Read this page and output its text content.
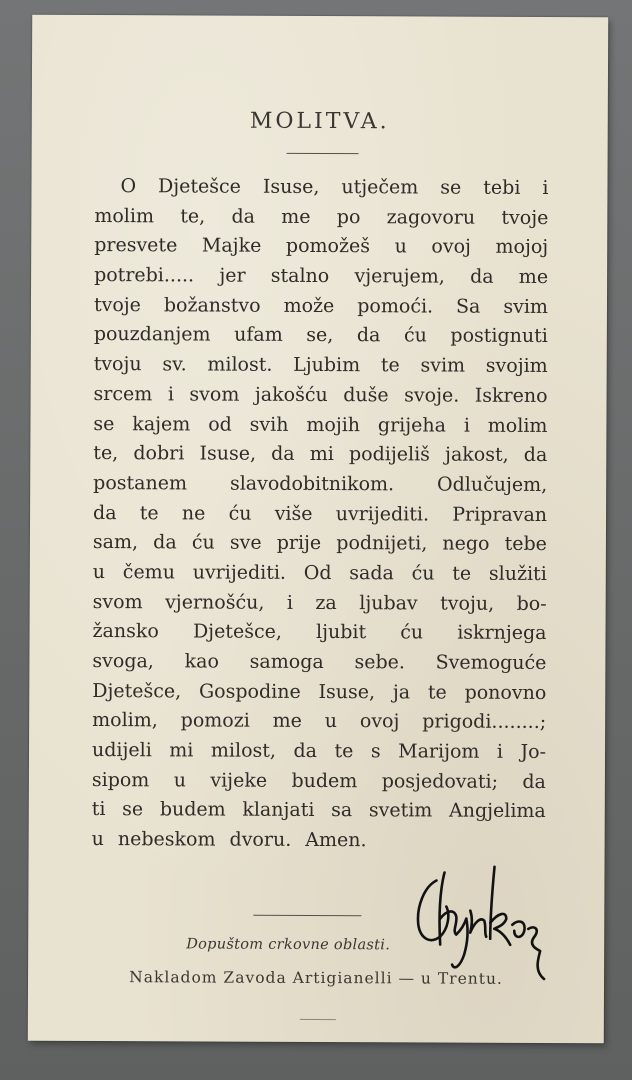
MOLITVA.
O Djetešce Isuse, utječem se tebi i
molim te, da me po zagovoru tvoje
presvete Majke pomožeš u ovoj mojoj
potrebi..... jer stalno vjerujem, da me
tvoje božanstvo može pomoći. Sa svim
pouzdanjem ufam se, da ću postignuti
tvoju sv. milost. Ljubim te svim svojim
srcem i svom jakošću duše svoje. Iskreno
se kajem od svih mojih grijeha i molim
te, dobri Isuse, da mi podijeliš jakost, da
postanem slavodobitnikom. Odlučujem,
da te ne ću više uvrijediti. Pripravan
sam, da ću sve prije podnijeti, nego tebe
u čemu uvrijediti. Od sada ću te služiti
svom vjernošću, i za ljubav tvoju, bo-
žansko Djetešce, ljubit ću iskrnjega
svoga, kao samoga sebe. Svemoguće
Djetešce, Gospodine Isuse, ja te ponovno
molim, pomozi me u ovoj prigodi........;
udijeli mi milost, da te s Marijom i Jo-
sipom u vijeke budem posjedovati; da
ti se budem klanjati sa svetim Angjelima
u nebeskom dvoru. Amen.
Dopuštom crkovne oblasti.
Nakladom Zavoda Artigianelli — u Trentu.
